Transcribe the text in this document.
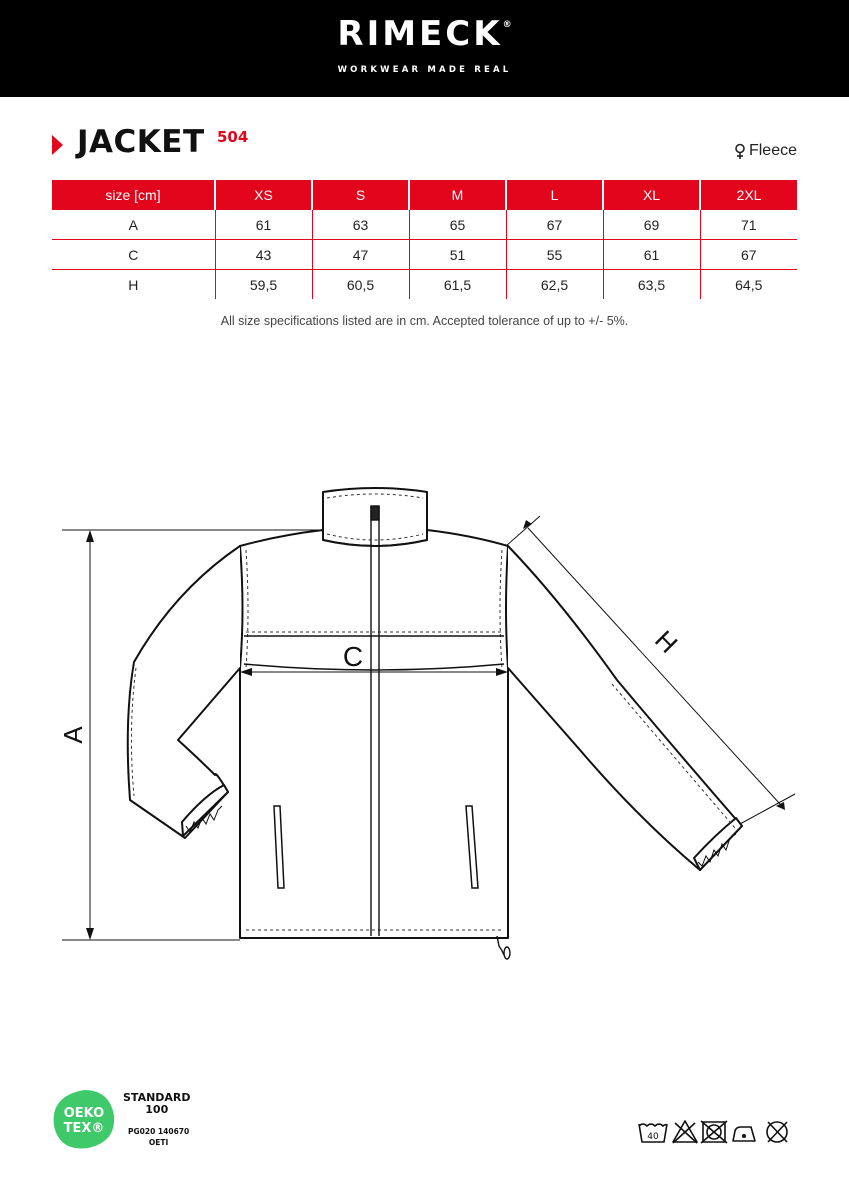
RIMECK®
WORKWEAR MADE REAL
JACKET 504
Fleece
size [cm]	XS	S	M	L	XL	2XL
A	61	63	65	67	69	71
C	43	47	51	55	61	67
H	59,5	60,5	61,5	62,5	63,5	64,5
All size specifications listed are in cm. Accepted tolerance of up to +/- 5%.
A
C	H
OEKO
TEX®
STANDARD
100
PG020 140670
OETI
40
